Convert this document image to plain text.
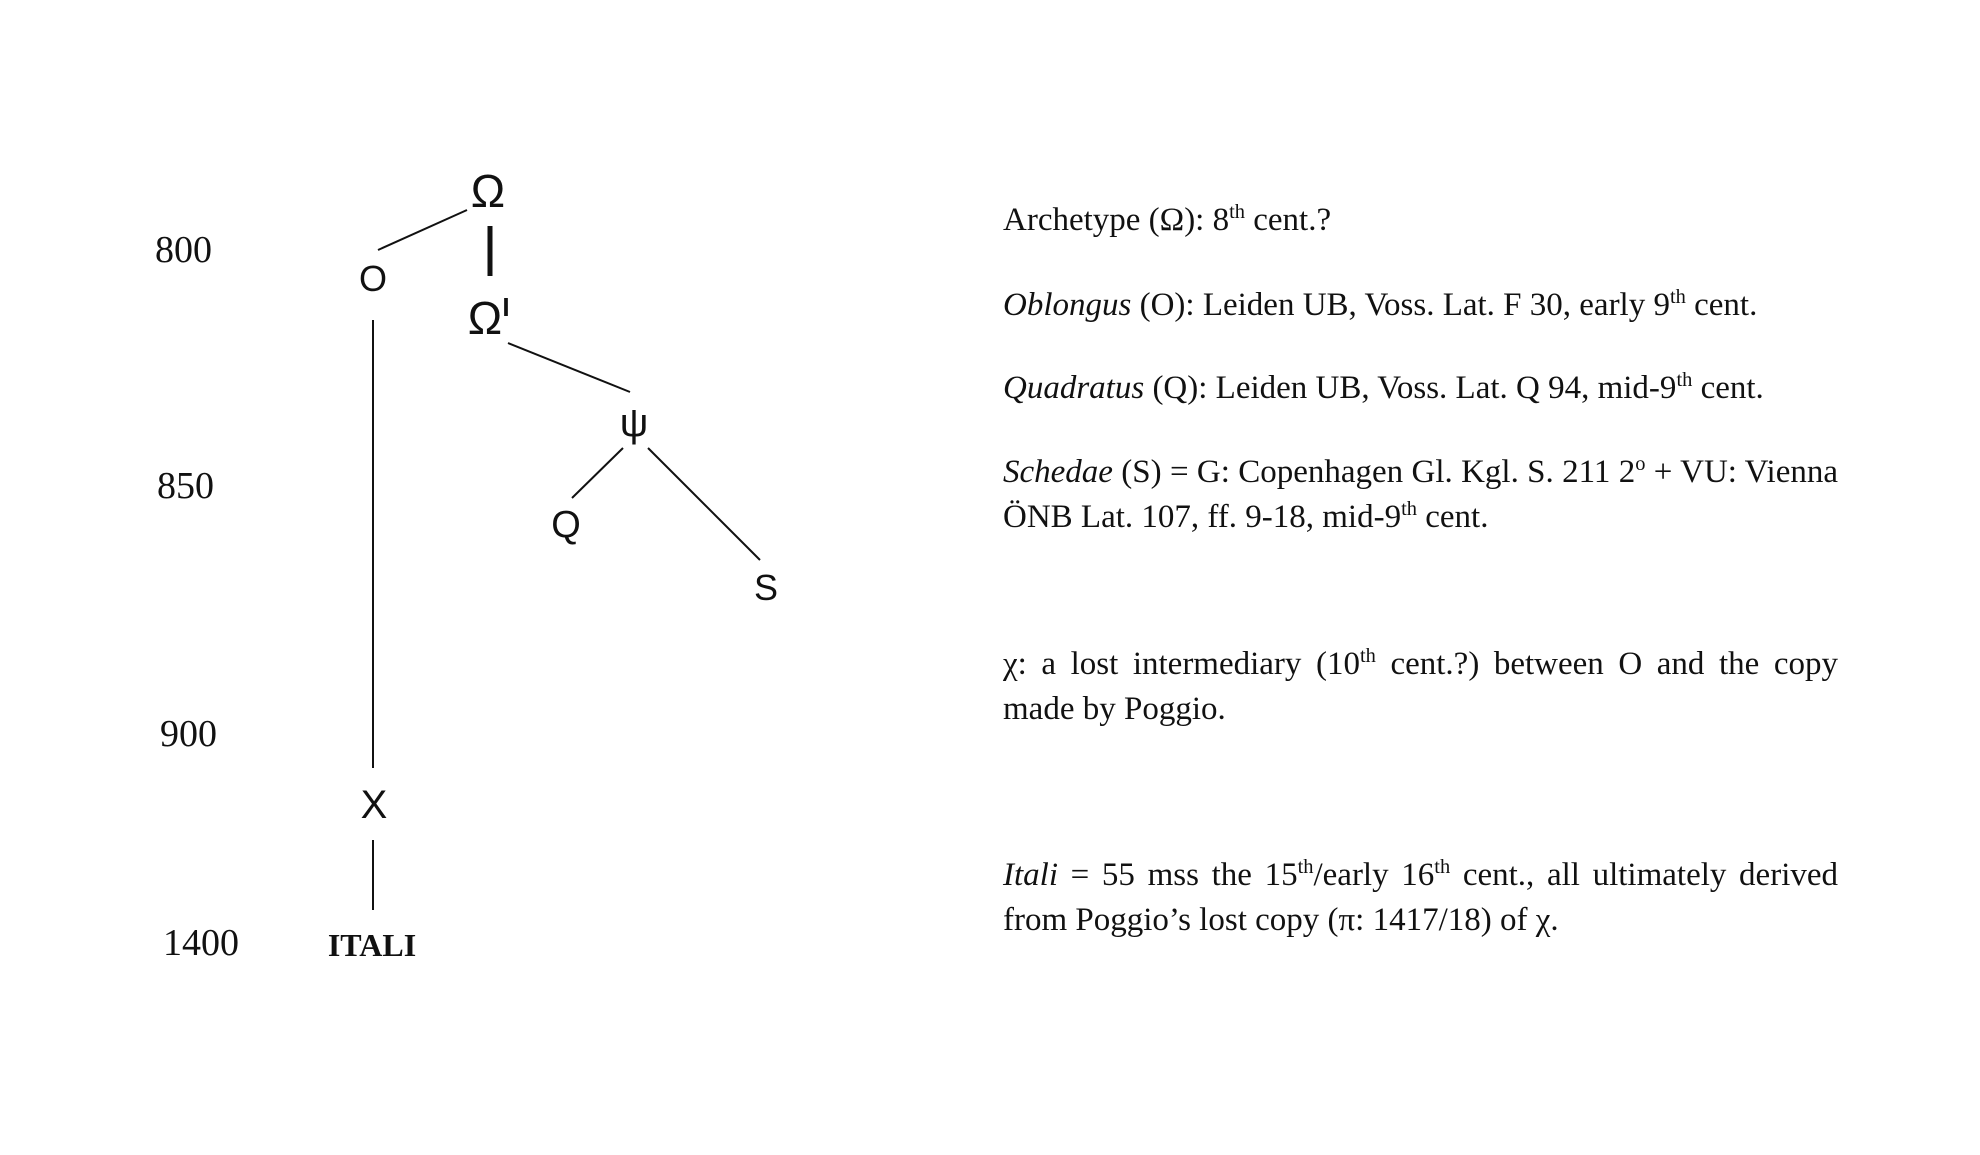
800
850
900
1400
Ω
O
Ω I
ψ
Q
S
X
ITALI
Archetype (Ω): 8th cent.?
Oblongus (O): Leiden UB, Voss. Lat. F 30, early 9th cent.
Quadratus (Q): Leiden UB, Voss. Lat. Q 94, mid-9th cent.
Schedae (S) = G: Copenhagen Gl. Kgl. S. 211 $2^o$ + VU: Vienna ÖNB Lat. 107, ff. 9-18, mid-9th cent.
χ: a lost intermediary (10th cent.?) between O and the copy made by Poggio.
Itali = 55 mss the 15th/early 16th cent., all ultimately derived from Poggio’s lost copy (π: 1417/18) of χ.
